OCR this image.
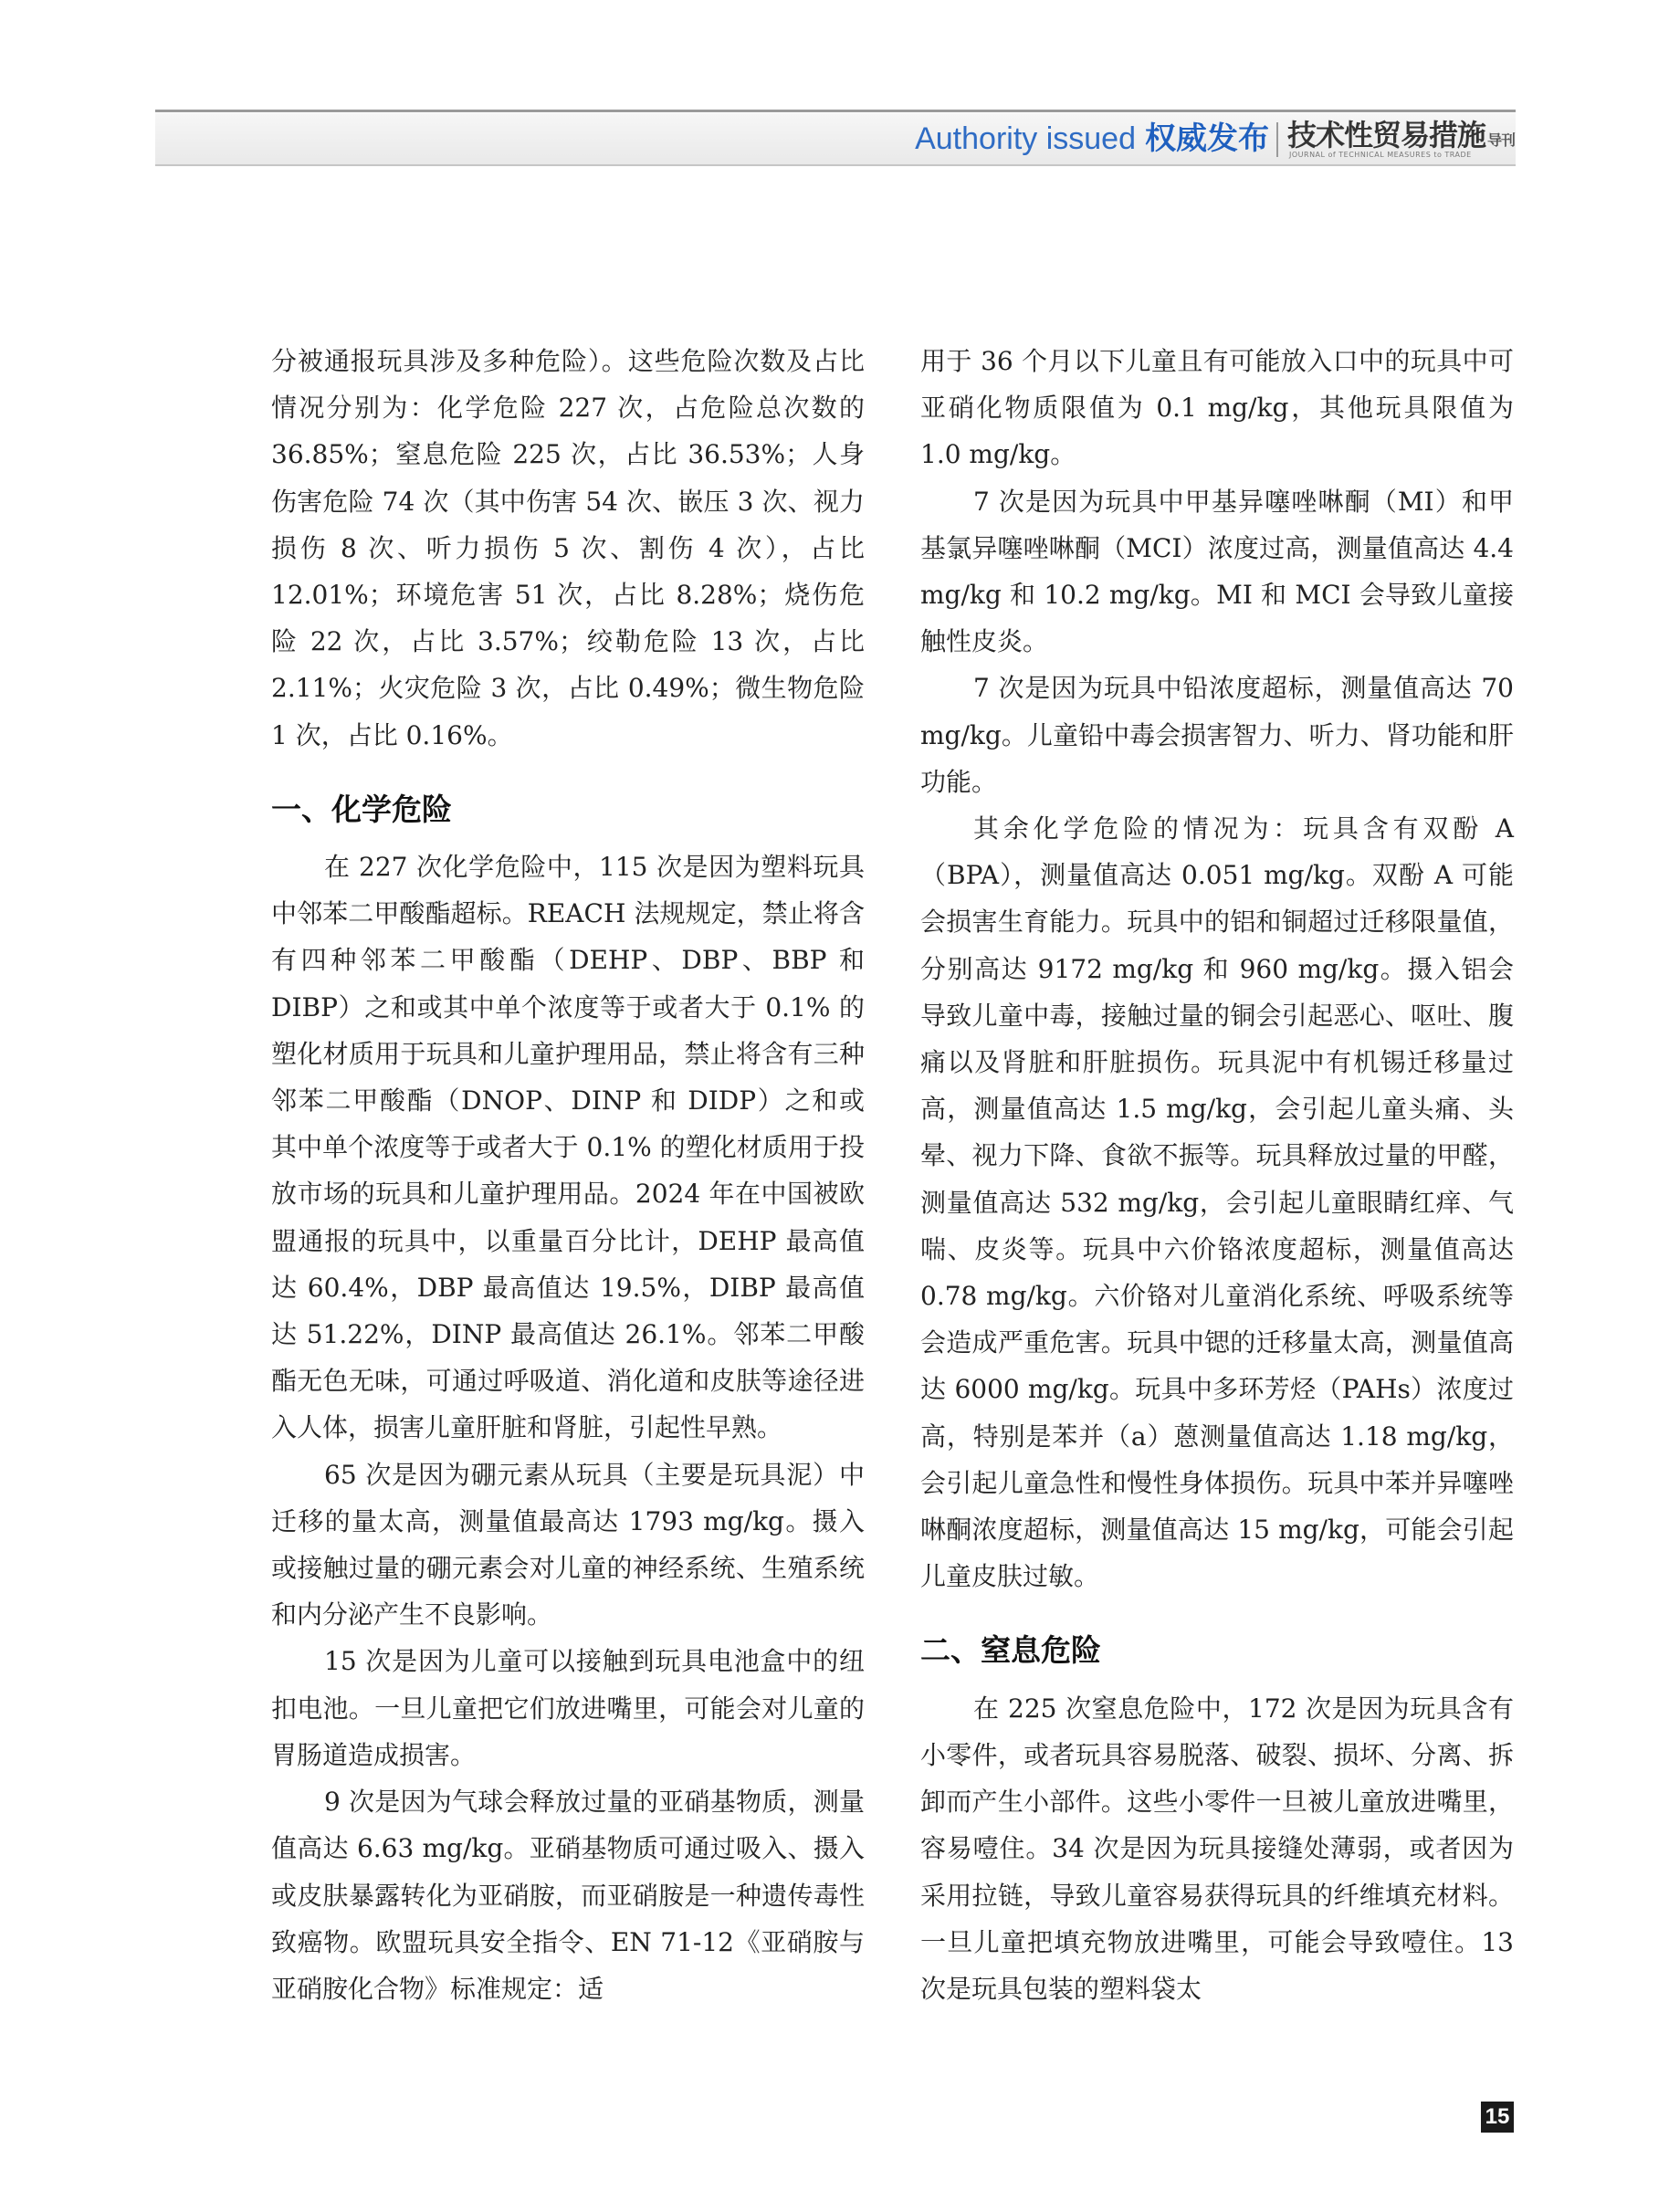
Authority issued 权威发布 技术性贸易措施 导刊
JOURNAL of TECHNICAL MEASURES to TRADE

分被通报玩具涉及多种危险）。这些危险次数及占比情况分别为：化学危险 227 次，占危险总次数的 36.85%；窒息危险 225 次，占比 36.53%；人身伤害危险 74 次（其中伤害 54 次、嵌压 3 次、视力损伤 8 次、听力损伤 5 次、割伤 4 次），占比 12.01%；环境危害 51 次，占比 8.28%；烧伤危险 22 次，占比 3.57%；绞勒危险 13 次，占比 2.11%；火灾危险 3 次，占比 0.49%；微生物危险 1 次，占比 0.16%。

一、化学危险

在 227 次化学危险中，115 次是因为塑料玩具中邻苯二甲酸酯超标。REACH 法规规定，禁止将含有四种邻苯二甲酸酯（DEHP、DBP、BBP 和 DIBP）之和或其中单个浓度等于或者大于 0.1% 的塑化材质用于玩具和儿童护理用品，禁止将含有三种邻苯二甲酸酯（DNOP、DINP 和 DIDP）之和或其中单个浓度等于或者大于 0.1% 的塑化材质用于投放市场的玩具和儿童护理用品。2024 年在中国被欧盟通报的玩具中，以重量百分比计，DEHP 最高值达 60.4%，DBP 最高值达 19.5%，DIBP 最高值达 51.22%，DINP 最高值达 26.1%。邻苯二甲酸酯无色无味，可通过呼吸道、消化道和皮肤等途径进入人体，损害儿童肝脏和肾脏，引起性早熟。

65 次是因为硼元素从玩具（主要是玩具泥）中迁移的量太高，测量值最高达 1793 mg/kg。摄入或接触过量的硼元素会对儿童的神经系统、生殖系统和内分泌产生不良影响。

15 次是因为儿童可以接触到玩具电池盒中的纽扣电池。一旦儿童把它们放进嘴里，可能会对儿童的胃肠道造成损害。

9 次是因为气球会释放过量的亚硝基物质，测量值高达 6.63 mg/kg。亚硝基物质可通过吸入、摄入或皮肤暴露转化为亚硝胺，而亚硝胺是一种遗传毒性致癌物。欧盟玩具安全指令、EN 71-12《亚硝胺与亚硝胺化合物》标准规定：适

用于 36 个月以下儿童且有可能放入口中的玩具中可亚硝化物质限值为 0.1 mg/kg，其他玩具限值为 1.0 mg/kg。

7 次是因为玩具中甲基异噻唑啉酮（MI）和甲基氯异噻唑啉酮（MCI）浓度过高，测量值高达 4.4 mg/kg 和 10.2 mg/kg。MI 和 MCI 会导致儿童接触性皮炎。

7 次是因为玩具中铅浓度超标，测量值高达 70 mg/kg。儿童铅中毒会损害智力、听力、肾功能和肝功能。

其余化学危险的情况为：玩具含有双酚 A（BPA），测量值高达 0.051 mg/kg。双酚 A 可能会损害生育能力。玩具中的铝和铜超过迁移限量值，分别高达 9172 mg/kg 和 960 mg/kg。摄入铝会导致儿童中毒，接触过量的铜会引起恶心、呕吐、腹痛以及肾脏和肝脏损伤。玩具泥中有机锡迁移量过高，测量值高达 1.5 mg/kg，会引起儿童头痛、头晕、视力下降、食欲不振等。玩具释放过量的甲醛，测量值高达 532 mg/kg，会引起儿童眼睛红痒、气喘、皮炎等。玩具中六价铬浓度超标，测量值高达 0.78 mg/kg。六价铬对儿童消化系统、呼吸系统等会造成严重危害。玩具中锶的迁移量太高，测量值高达 6000 mg/kg。玩具中多环芳烃（PAHs）浓度过高，特别是苯并（a）蒽测量值高达 1.18 mg/kg，会引起儿童急性和慢性身体损伤。玩具中苯并异噻唑啉酮浓度超标，测量值高达 15 mg/kg，可能会引起儿童皮肤过敏。

二、窒息危险

在 225 次窒息危险中，172 次是因为玩具含有小零件，或者玩具容易脱落、破裂、损坏、分离、拆卸而产生小部件。这些小零件一旦被儿童放进嘴里，容易噎住。34 次是因为玩具接缝处薄弱，或者因为采用拉链，导致儿童容易获得玩具的纤维填充材料。一旦儿童把填充物放进嘴里，可能会导致噎住。13 次是玩具包装的塑料袋太

15
